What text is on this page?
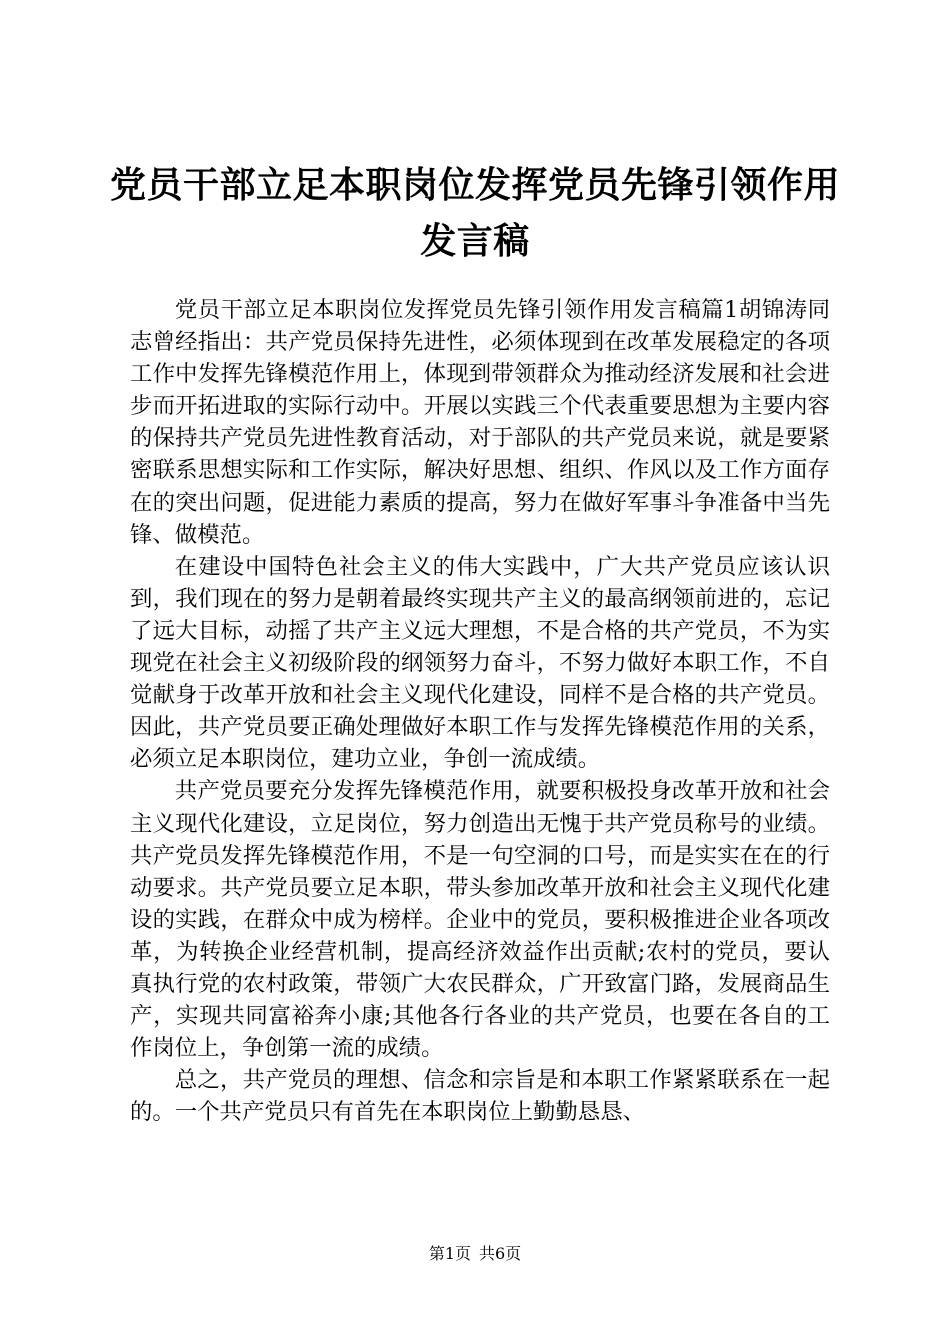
党员干部立足本职岗位发挥党员先锋引领作用发言稿

党员干部立足本职岗位发挥党员先锋引领作用发言稿篇1胡锦涛同志曾经指出：共产党员保持先进性，必须体现到在改革发展稳定的各项工作中发挥先锋模范作用上，体现到带领群众为推动经济发展和社会进步而开拓进取的实际行动中。开展以实践三个代表重要思想为主要内容的保持共产党员先进性教育活动，对于部队的共产党员来说，就是要紧密联系思想实际和工作实际，解决好思想、组织、作风以及工作方面存在的突出问题，促进能力素质的提高，努力在做好军事斗争准备中当先锋、做模范。

在建设中国特色社会主义的伟大实践中，广大共产党员应该认识到，我们现在的努力是朝着最终实现共产主义的最高纲领前进的，忘记了远大目标，动摇了共产主义远大理想，不是合格的共产党员，不为实现党在社会主义初级阶段的纲领努力奋斗，不努力做好本职工作，不自觉献身于改革开放和社会主义现代化建设，同样不是合格的共产党员。因此，共产党员要正确处理做好本职工作与发挥先锋模范作用的关系，必须立足本职岗位，建功立业，争创一流成绩。

共产党员要充分发挥先锋模范作用，就要积极投身改革开放和社会主义现代化建设，立足岗位，努力创造出无愧于共产党员称号的业绩。共产党员发挥先锋模范作用，不是一句空洞的口号，而是实实在在的行动要求。共产党员要立足本职，带头参加改革开放和社会主义现代化建设的实践，在群众中成为榜样。企业中的党员，要积极推进企业各项改革，为转换企业经营机制，提高经济效益作出贡献;农村的党员，要认真执行党的农村政策，带领广大农民群众，广开致富门路，发展商品生产，实现共同富裕奔小康;其他各行各业的共产党员，也要在各自的工作岗位上，争创第一流的成绩。

总之，共产党员的理想、信念和宗旨是和本职工作紧紧联系在一起的。一个共产党员只有首先在本职岗位上勤勤恳恳、

第1页 共6页
